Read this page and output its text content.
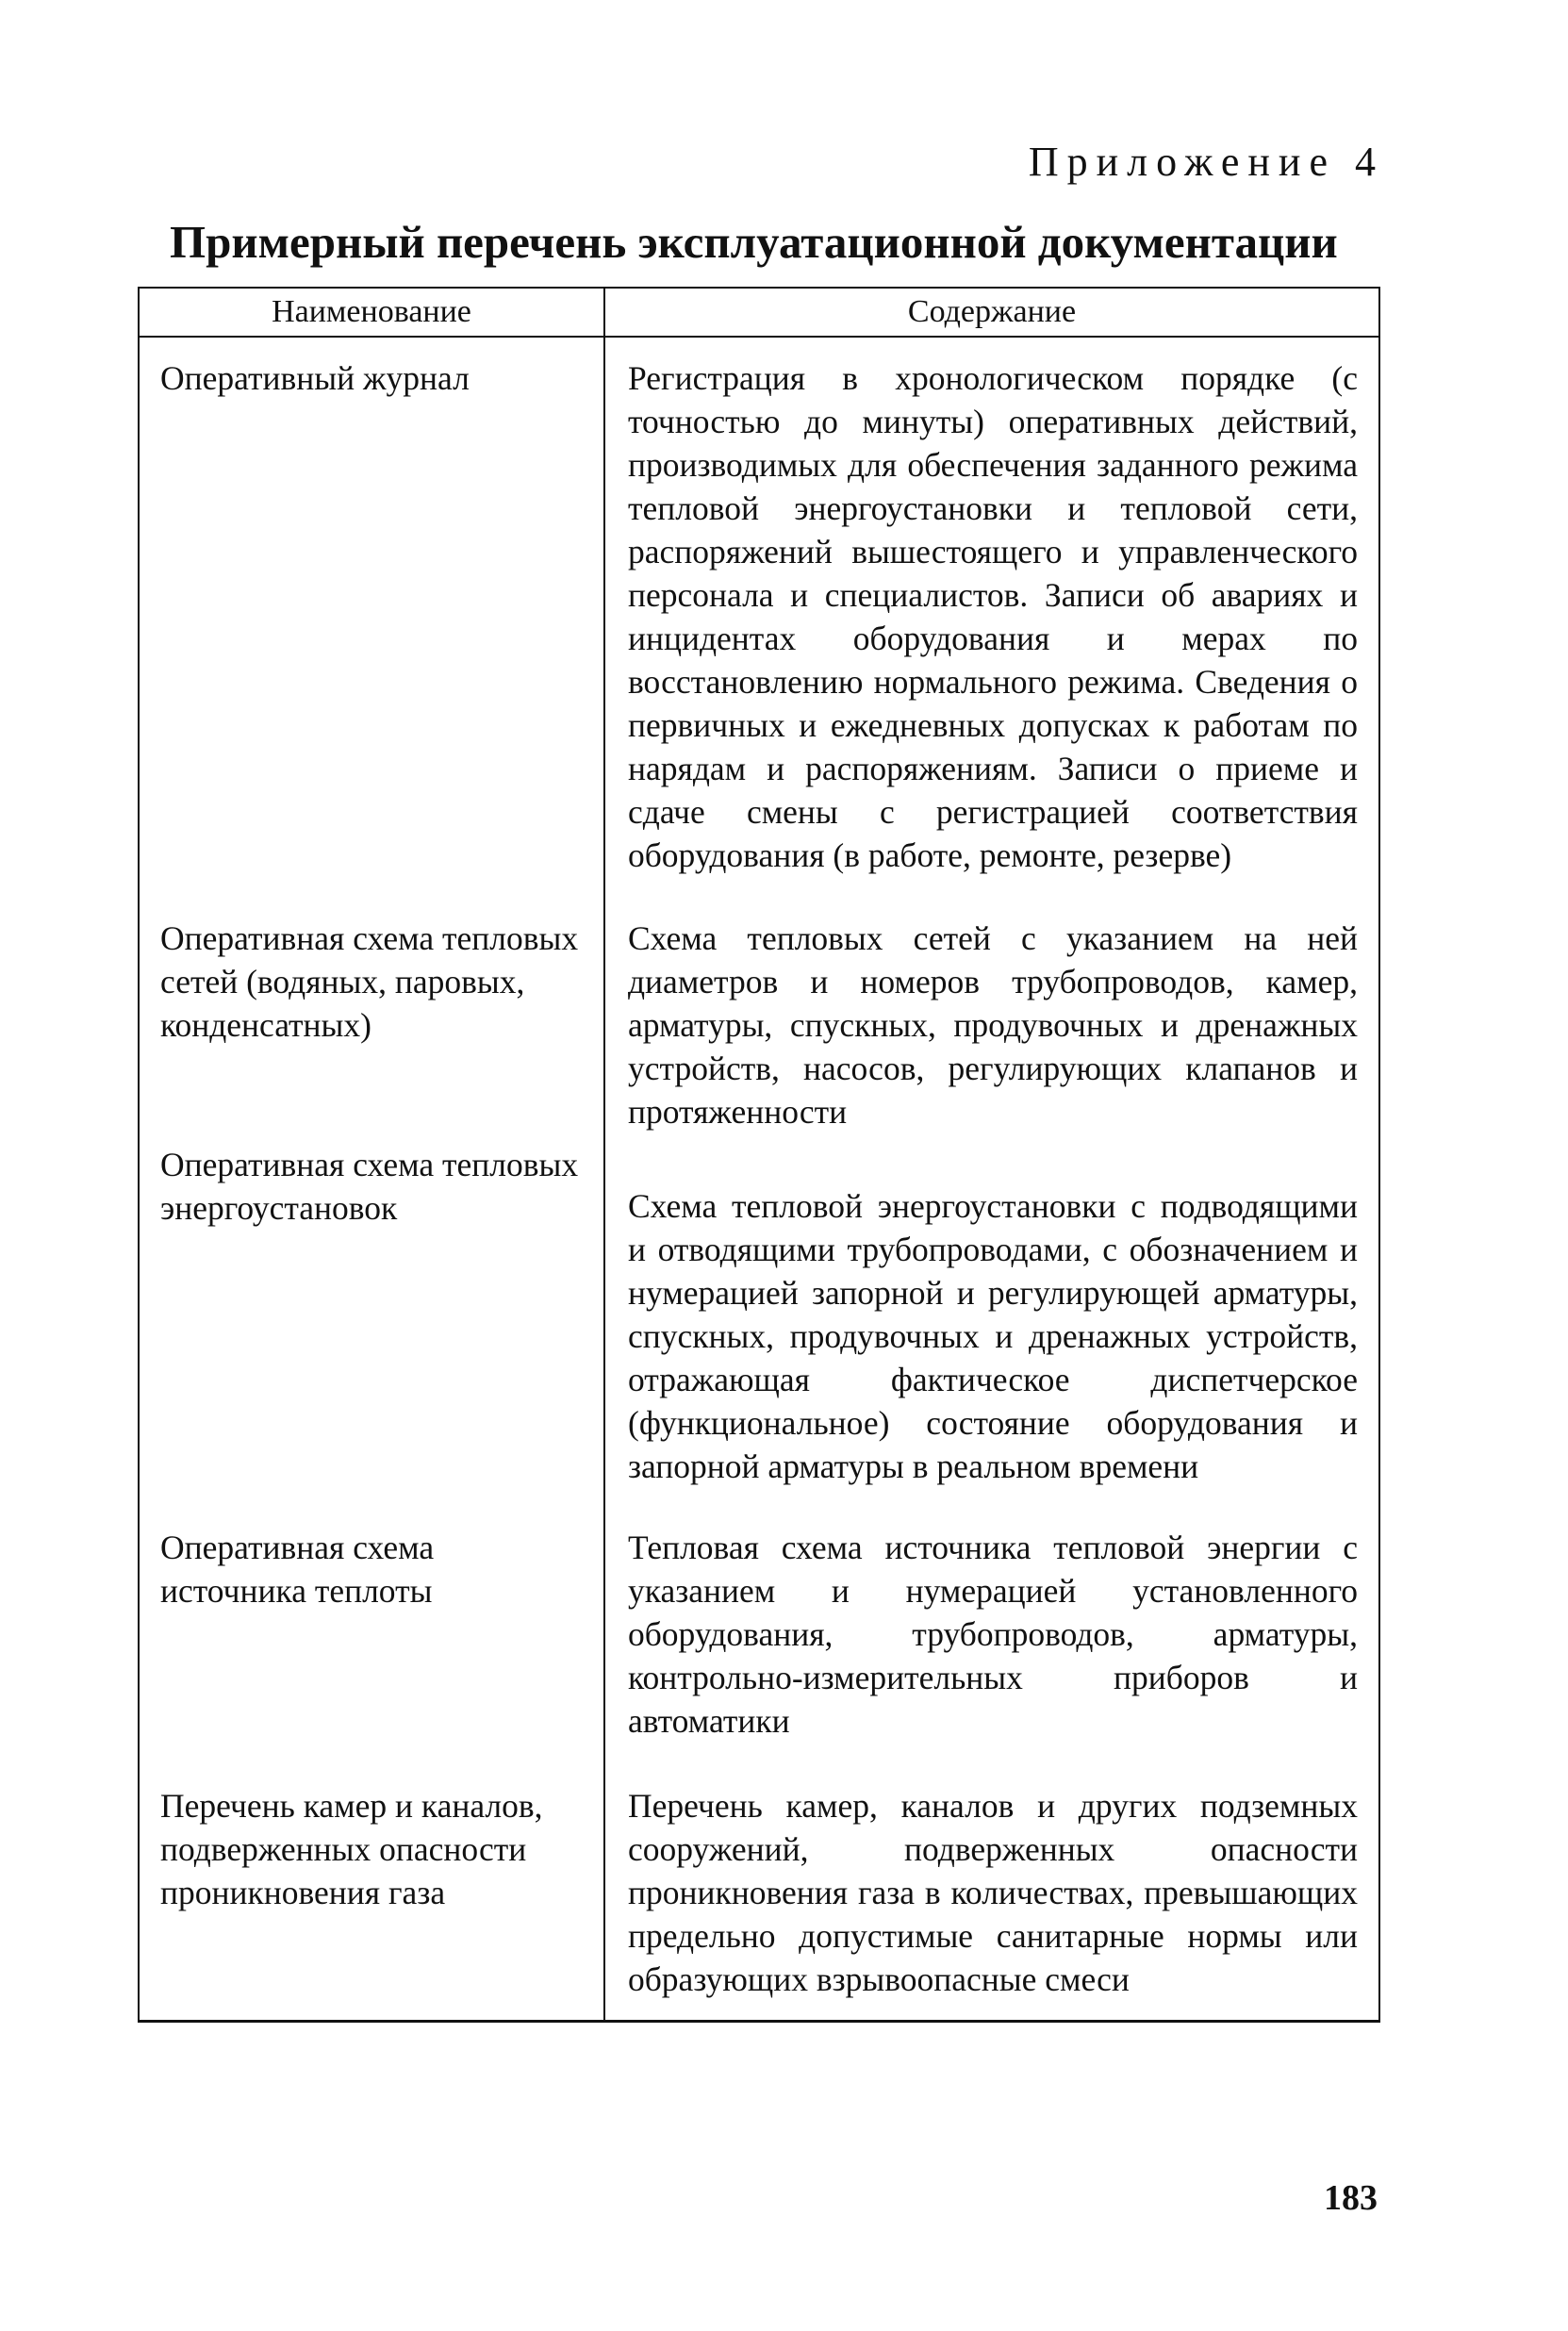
Приложение 4
Примерный перечень эксплуатационной документации
Наименование	Содержание

Оперативный журнал	Регистрация в хронологическом порядке (с точностью до минуты) оперативных действий, производимых для обеспечения заданного режима тепловой энергоустановки и тепловой сети, распоряжений вышестоящего и управленческого персонала и специалистов. Записи об авариях и инцидентах оборудования и мерах по восстановлению нормального режима. Сведения о первичных и ежедневных допусках к работам по нарядам и распоряжениям. Записи о приеме и сдаче смены с регистрацией соответствия оборудования (в работе, ремонте, резерве)

Оперативная схема тепловых сетей (водяных, паровых, конденсатных)	Схема тепловых сетей с указанием на ней диаметров и номеров трубопроводов, камер, арматуры, спускных, продувочных и дренажных устройств, насосов, регулирующих клапанов и протяженности

Оперативная схема тепловых энергоустановок	Схема тепловой энергоустановки с подводящими и отводящими трубопроводами, с обозначением и нумерацией запорной и регулирующей арматуры, спускных, продувочных и дренажных устройств, отражающая фактическое диспетчерское (функциональное) состояние оборудования и запорной арматуры в реальном времени

Оперативная схема источника теплоты	Тепловая схема источника тепловой энергии с указанием и нумерацией установленного оборудования, трубопроводов, арматуры, контрольно-измерительных приборов и автоматики

Перечень камер и каналов, подверженных опасности проникновения газа	Перечень камер, каналов и других подземных сооружений, подверженных опасности проникновения газа в количествах, превышающих предельно допустимые санитарные нормы или образующих взрывоопасные смеси
183
